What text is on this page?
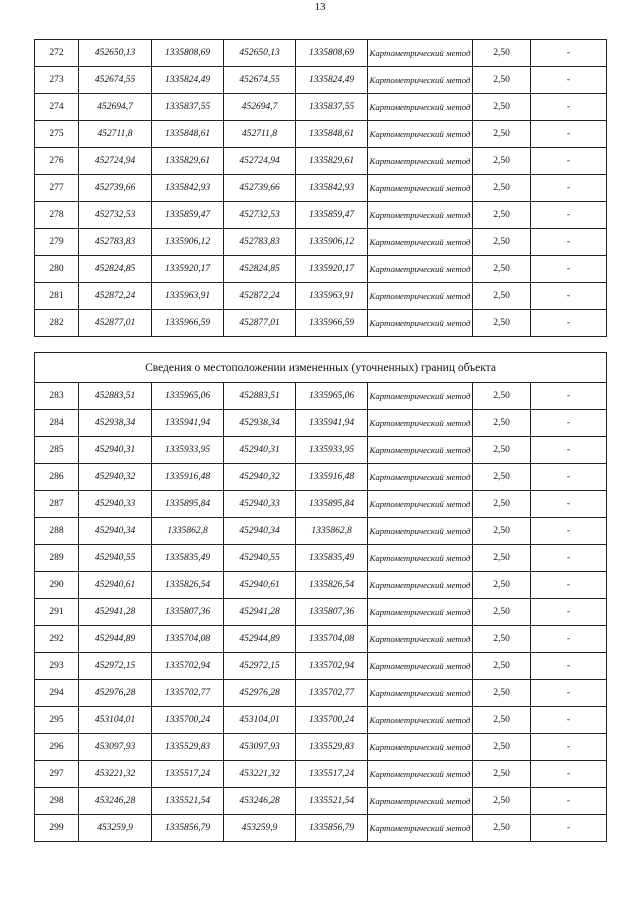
13
272	452650,13	1335808,69	452650,13	1335808,69	Картометрический метод	2,50	-
273	452674,55	1335824,49	452674,55	1335824,49	Картометрический метод	2,50	-
274	452694,7	1335837,55	452694,7	1335837,55	Картометрический метод	2,50	-
275	452711,8	1335848,61	452711,8	1335848,61	Картометрический метод	2,50	-
276	452724,94	1335829,61	452724,94	1335829,61	Картометрический метод	2,50	-
277	452739,66	1335842,93	452739,66	1335842,93	Картометрический метод	2,50	-
278	452732,53	1335859,47	452732,53	1335859,47	Картометрический метод	2,50	-
279	452783,83	1335906,12	452783,83	1335906,12	Картометрический метод	2,50	-
280	452824,85	1335920,17	452824,85	1335920,17	Картометрический метод	2,50	-
281	452872,24	1335963,91	452872,24	1335963,91	Картометрический метод	2,50	-
282	452877,01	1335966,59	452877,01	1335966,59	Картометрический метод	2,50	-
Сведения о местоположении измененных (уточненных) границ объекта							
283	452883,51	1335965,06	452883,51	1335965,06	Картометрический метод	2,50	-
284	452938,34	1335941,94	452938,34	1335941,94	Картометрический метод	2,50	-
285	452940,31	1335933,95	452940,31	1335933,95	Картометрический метод	2,50	-
286	452940,32	1335916,48	452940,32	1335916,48	Картометрический метод	2,50	-
287	452940,33	1335895,84	452940,33	1335895,84	Картометрический метод	2,50	-
288	452940,34	1335862,8	452940,34	1335862,8	Картометрический метод	2,50	-
289	452940,55	1335835,49	452940,55	1335835,49	Картометрический метод	2,50	-
290	452940,61	1335826,54	452940,61	1335826,54	Картометрический метод	2,50	-
291	452941,28	1335807,36	452941,28	1335807,36	Картометрический метод	2,50	-
292	452944,89	1335704,08	452944,89	1335704,08	Картометрический метод	2,50	-
293	452972,15	1335702,94	452972,15	1335702,94	Картометрический метод	2,50	-
294	452976,28	1335702,77	452976,28	1335702,77	Картометрический метод	2,50	-
295	453104,01	1335700,24	453104,01	1335700,24	Картометрический метод	2,50	-
296	453097,93	1335529,83	453097,93	1335529,83	Картометрический метод	2,50	-
297	453221,32	1335517,24	453221,32	1335517,24	Картометрический метод	2,50	-
298	453246,28	1335521,54	453246,28	1335521,54	Картометрический метод	2,50	-
299	453259,9	1335856,79	453259,9	1335856,79	Картометрический метод	2,50	-
